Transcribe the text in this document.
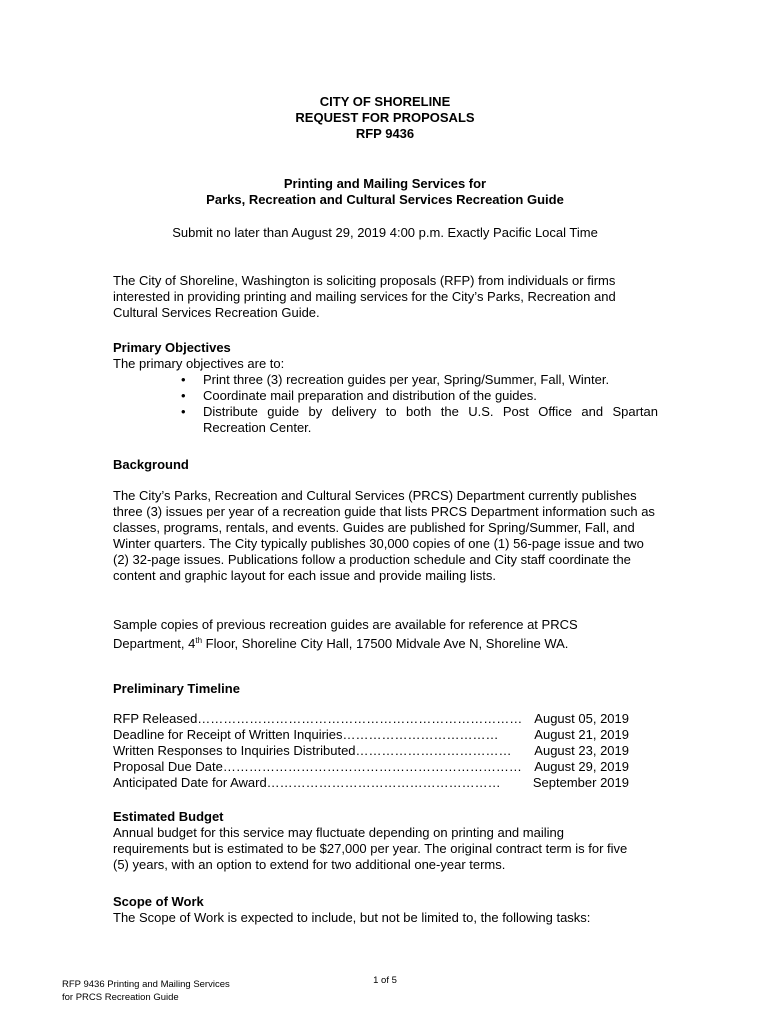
CITY OF SHORELINE
REQUEST FOR PROPOSALS
RFP 9436
Printing and Mailing Services for
Parks, Recreation and Cultural Services Recreation Guide
Submit no later than August 29, 2019 4:00 p.m. Exactly Pacific Local Time
The City of Shoreline, Washington is soliciting proposals (RFP) from individuals or firms interested in providing printing and mailing services for the City’s Parks, Recreation and Cultural Services Recreation Guide.
Primary Objectives
The primary objectives are to:
• Print three (3) recreation guides per year, Spring/Summer, Fall, Winter.
• Coordinate mail preparation and distribution of the guides.
• Distribute guide by delivery to both the U.S. Post Office and Spartan Recreation Center.
Background
The City’s Parks, Recreation and Cultural Services (PRCS) Department currently publishes three (3) issues per year of a recreation guide that lists PRCS Department information such as classes, programs, rentals, and events. Guides are published for Spring/Summer, Fall, and Winter quarters. The City typically publishes 30,000 copies of one (1) 56-page issue and two (2) 32-page issues. Publications follow a production schedule and City staff coordinate the content and graphic layout for each issue and provide mailing lists.
Sample copies of previous recreation guides are available for reference at PRCS Department, 4th Floor, Shoreline City Hall, 17500 Midvale Ave N, Shoreline WA.
Preliminary Timeline
RFP Released………………………………………………………………… August 05, 2019
Deadline for Receipt of Written Inquiries………………………………	August 21, 2019
Written Responses to Inquiries Distributed……………………………… August 23, 2019
Proposal Due Date…………………………………………………………… August 29, 2019
Anticipated Date for Award……………………………………………… September 2019
Estimated Budget
Annual budget for this service may fluctuate depending on printing and mailing requirements but is estimated to be $27,000 per year. The original contract term is for five (5) years, with an option to extend for two additional one-year terms.
Scope of Work
The Scope of Work is expected to include, but not be limited to, the following tasks:
RFP 9436 Printing and Mailing Services
for PRCS Recreation Guide
1 of 5
